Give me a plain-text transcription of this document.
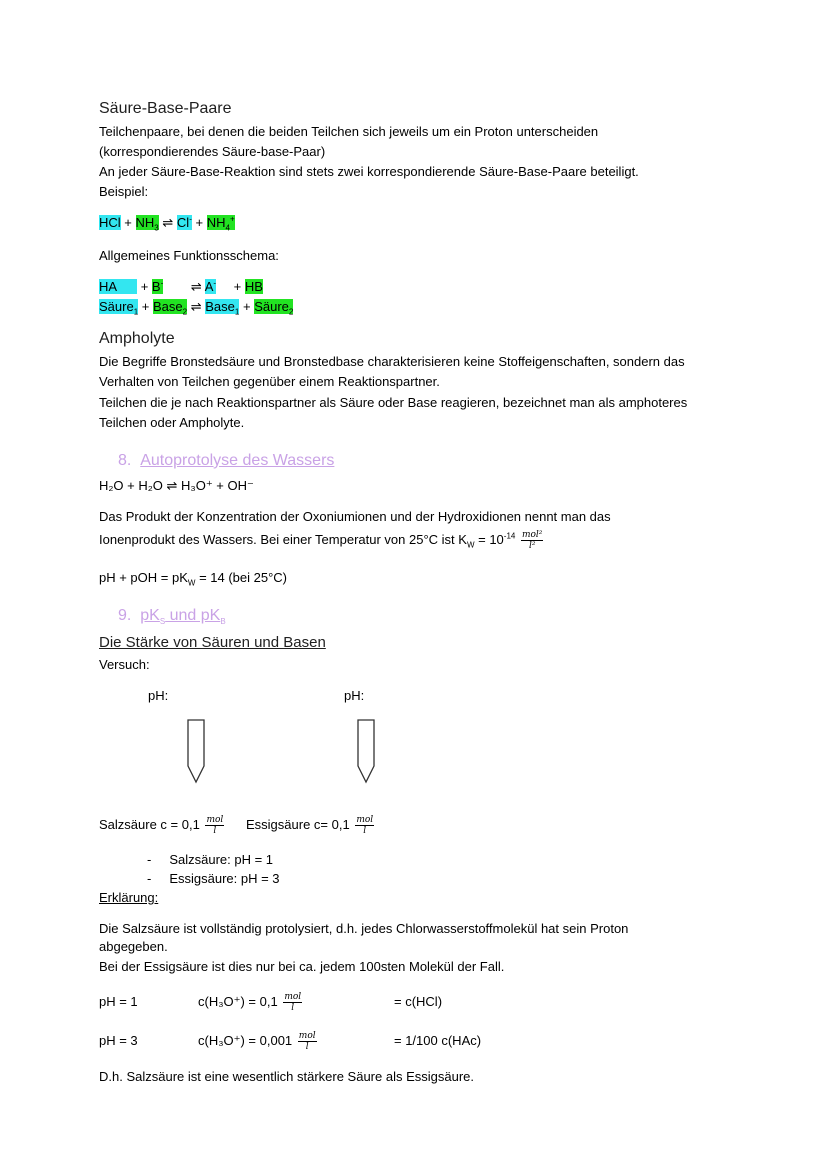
Säure-Base-Paare
Teilchenpaare, bei denen die beiden Teilchen sich jeweils um ein Proton unterscheiden
(korrespondierendes Säure-base-Paar)
An jeder Säure-Base-Reaktion sind stets zwei korrespondierende Säure-Base-Paare beteiligt.
Beispiel:
HCl + $NH_3$ ⇌ $Cl^- + NH_4^+$
Allgemeines Funktionsschema:
HA + B- ⇌ A- + HB
Säure$_1$ + Base$_2$ ⇌ Base$_1$ + Säure$_2$
Ampholyte
Die Begriffe Bronstedsäure und Bronstedbase charakterisieren keine Stoffeigenschaften, sondern das
Verhalten von Teilchen gegenüber einem Reaktionspartner.
Teilchen die je nach Reaktionspartner als Säure oder Base reagieren, bezeichnet man als amphoteres
Teilchen oder Ampholyte.
8. Autoprotolyse des Wassers
H₂O + H₂O ⇌ H₃O⁺ + OH⁻
Das Produkt der Konzentration der Oxoniumionen und der Hydroxidionen nennt man das
Ionenprodukt des Wassers. Bei einer Temperatur von 25°C ist $K_W = 10^{-14} \frac{\text{mol²}}{\text{l²}}$
pH + pOH = $pK_W = 14$ (bei 25°C)
9. $pK_S$ und $pK_B$
Die Stärke von Säuren und Basen
Versuch:
pH:	pH:
Salzsäure $c = 0,1 \frac{\text{mol}}{l}$ Essigsäure $c= 0,1 \frac{\text{mol}}{l}$
- Salzsäure: pH = 1
- Essigsäure: pH = 3
Erklärung:
Die Salzsäure ist vollständig protolysiert, d.h. jedes Chlorwasserstoffmolekül hat sein Proton
abgegeben.
Bei der Essigsäure ist dies nur bei ca. jedem 100sten Molekül der Fall.
pH = 1	$c(H_3O^+) = 0,1 \frac{\text{mol}}{l}$	= c(HCl)
pH = 3	$c(H_3O^+) = 0,001 \frac{\text{mol}}{l}$	= 1/100 c(HAc)
D.h. Salzsäure ist eine wesentlich stärkere Säure als Essigsäure.
